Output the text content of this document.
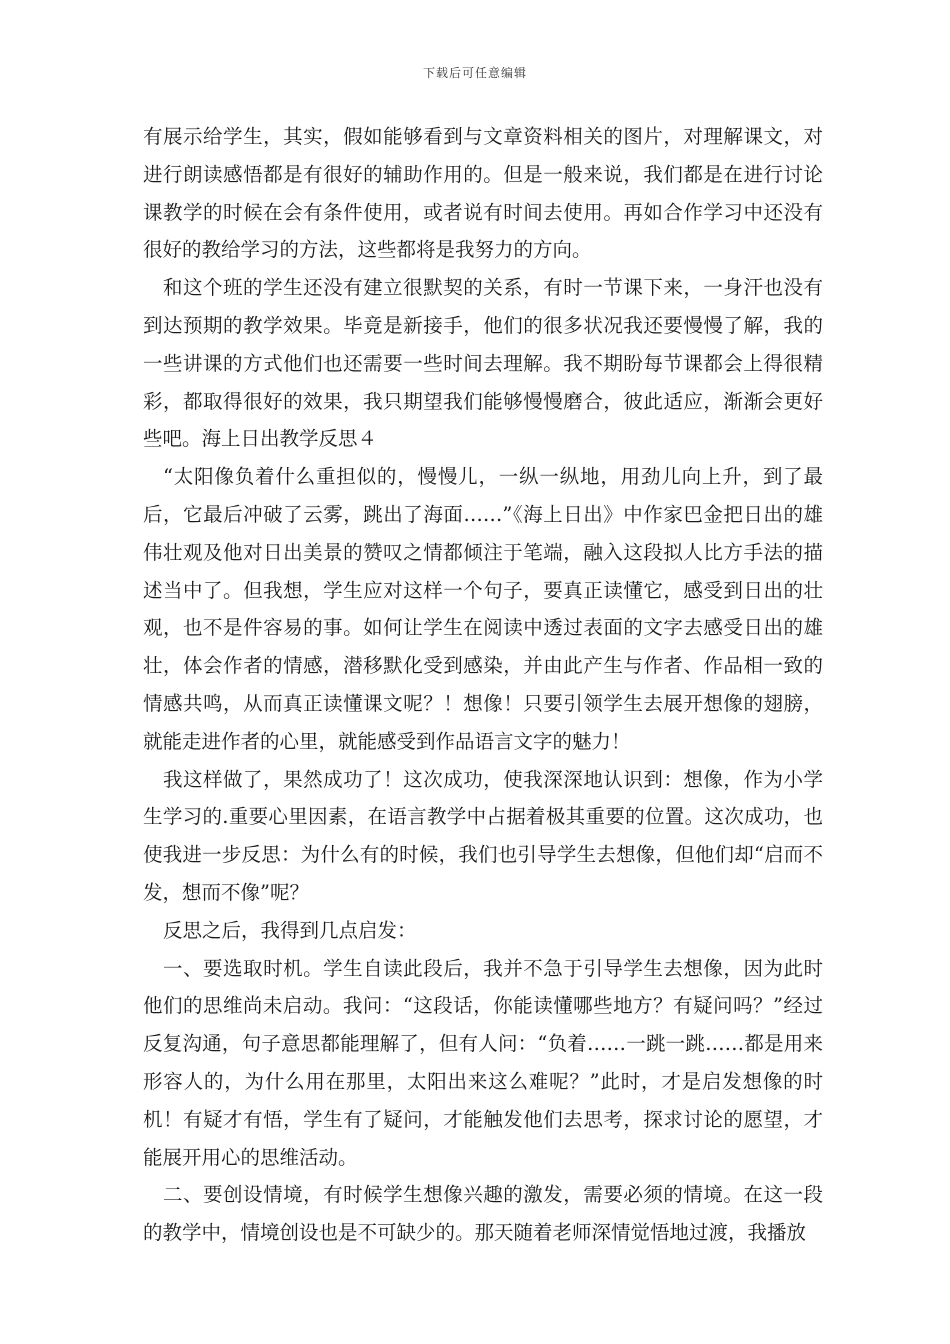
下载后可任意编辑

有展示给学生，其实，假如能够看到与文章资料相关的图片，对理解课文，对进行朗读感悟都是有很好的辅助作用的。但是一般来说，我们都是在进行讨论课教学的时候在会有条件使用，或者说有时间去使用。再如合作学习中还没有很好的教给学习的方法，这些都将是我努力的方向。

和这个班的学生还没有建立很默契的关系，有时一节课下来，一身汗也没有到达预期的教学效果。毕竟是新接手，他们的很多状况我还要慢慢了解，我的一些讲课的方式他们也还需要一些时间去理解。我不期盼每节课都会上得很精彩，都取得很好的效果，我只期望我们能够慢慢磨合，彼此适应，渐渐会更好些吧。海上日出教学反思４

“太阳像负着什么重担似的，慢慢儿，一纵一纵地，用劲儿向上升，到了最后，它最后冲破了云雾，跳出了海面……”《海上日出》中作家巴金把日出的雄伟壮观及他对日出美景的赞叹之情都倾注于笔端，融入这段拟人比方手法的描述当中了。但我想，学生应对这样一个句子，要真正读懂它，感受到日出的壮观，也不是件容易的事。如何让学生在阅读中透过表面的文字去感受日出的雄壮，体会作者的情感，潜移默化受到感染，并由此产生与作者、作品相一致的情感共鸣，从而真正读懂课文呢？！想像！只要引领学生去展开想像的翅膀，就能走进作者的心里，就能感受到作品语言文字的魅力！

我这样做了，果然成功了！这次成功，使我深深地认识到：想像，作为小学生学习的.重要心里因素，在语言教学中占据着极其重要的位置。这次成功，也使我进一步反思：为什么有的时候，我们也引导学生去想像，但他们却“启而不发，想而不像”呢？

反思之后，我得到几点启发：

一、要选取时机。学生自读此段后，我并不急于引导学生去想像，因为此时他们的思维尚未启动。我问：“这段话，你能读懂哪些地方？有疑问吗？”经过反复沟通，句子意思都能理解了，但有人问：“负着……一跳一跳……都是用来形容人的，为什么用在那里，太阳出来这么难呢？”此时，才是启发想像的时机！有疑才有悟，学生有了疑问，才能触发他们去思考，探求讨论的愿望，才能展开用心的思维活动。

二、要创设情境，有时候学生想像兴趣的激发，需要必须的情境。在这一段的教学中，情境创设也是不可缺少的。那天随着老师深情觉悟地过渡，我播放
